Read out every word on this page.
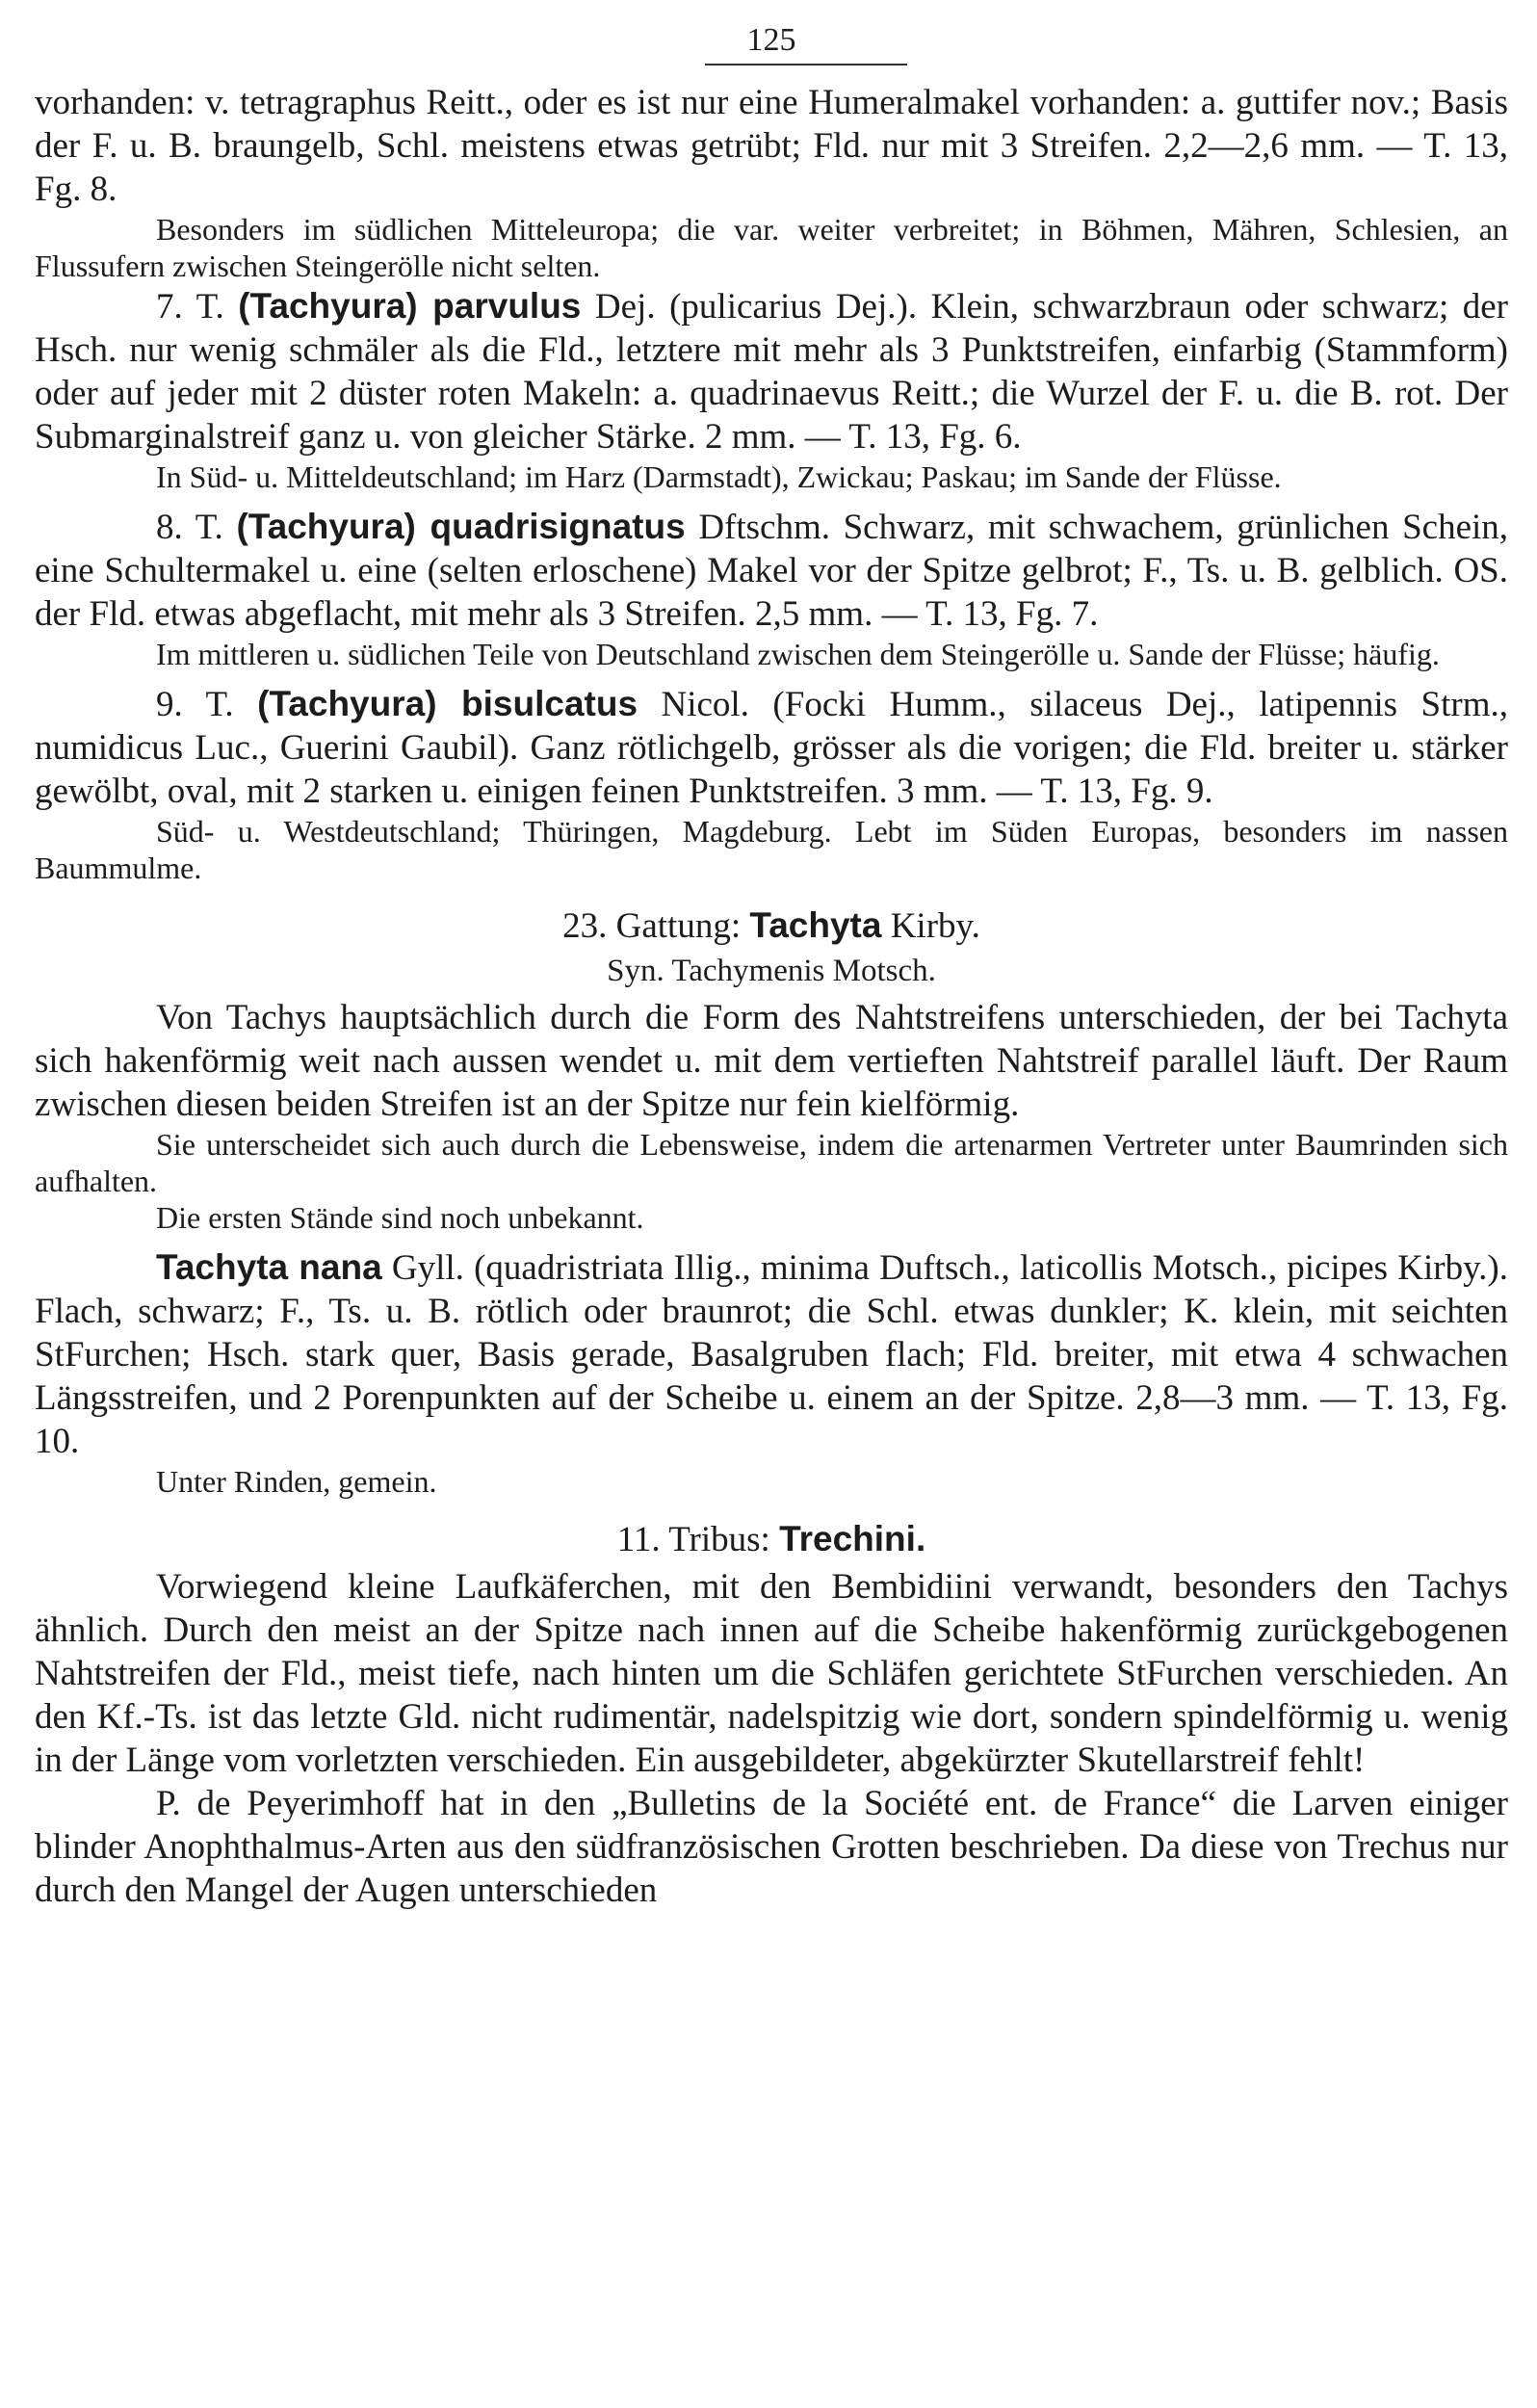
125

vorhanden: v. tetragraphus Reitt., oder es ist nur eine Humeralmakel vorhanden: a. guttifer nov.; Basis der F. u. B. braungelb, Schl. meistens etwas getrübt; Fld. nur mit 3 Streifen. 2,2—2,6 mm. — T. 13, Fg. 8.

Besonders im südlichen Mitteleuropa; die var. weiter verbreitet; in Böhmen, Mähren, Schlesien, an Flussufern zwischen Steingerölle nicht selten.

7. T. (Tachyura) parvulus Dej. (pulicarius Dej.). Klein, schwarzbraun oder schwarz; der Hsch. nur wenig schmäler als die Fld., letztere mit mehr als 3 Punktstreifen, einfarbig (Stammform) oder auf jeder mit 2 düster roten Makeln: a. quadrinaevus Reitt.; die Wurzel der F. u. die B. rot. Der Submarginalstreif ganz u. von gleicher Stärke. 2 mm. — T. 13, Fg. 6.

In Süd- u. Mitteldeutschland; im Harz (Darmstadt), Zwickau; Paskau; im Sande der Flüsse.

8. T. (Tachyura) quadrisignatus Dftschm. Schwarz, mit schwachem, grünlichen Schein, eine Schultermakel u. eine (selten erloschene) Makel vor der Spitze gelbrot; F., Ts. u. B. gelblich. OS. der Fld. etwas abgeflacht, mit mehr als 3 Streifen. 2,5 mm. — T. 13, Fg. 7.

Im mittleren u. südlichen Teile von Deutschland zwischen dem Steingerölle u. Sande der Flüsse; häufig.

9. T. (Tachyura) bisulcatus Nicol. (Focki Humm., silaceus Dej., latipennis Strm., numidicus Luc., Guerini Gaubil). Ganz rötlichgelb, grösser als die vorigen; die Fld. breiter u. stärker gewölbt, oval, mit 2 starken u. einigen feinen Punktstreifen. 3 mm. — T. 13, Fg. 9.

Süd- u. Westdeutschland; Thüringen, Magdeburg. Lebt im Süden Europas, besonders im nassen Baummulme.

23. Gattung: Tachyta Kirby.

Syn. Tachymenis Motsch.

Von Tachys hauptsächlich durch die Form des Nahtstreifens unterschieden, der bei Tachyta sich hakenförmig weit nach aussen wendet u. mit dem vertieften Nahtstreif parallel läuft. Der Raum zwischen diesen beiden Streifen ist an der Spitze nur fein kielförmig.

Sie unterscheidet sich auch durch die Lebensweise, indem die artenarmen Vertreter unter Baumrinden sich aufhalten.

Die ersten Stände sind noch unbekannt.

Tachyta nana Gyll. (quadristriata Illig., minima Duftsch., laticollis Motsch., picipes Kirby.). Flach, schwarz; F., Ts. u. B. rötlich oder braunrot; die Schl. etwas dunkler; K. klein, mit seichten StFurchen; Hsch. stark quer, Basis gerade, Basalgruben flach; Fld. breiter, mit etwa 4 schwachen Längsstreifen, und 2 Porenpunkten auf der Scheibe u. einem an der Spitze. 2,8—3 mm. — T. 13, Fg. 10.

Unter Rinden, gemein.

11. Tribus: Trechini.

Vorwiegend kleine Laufkäferchen, mit den Bembidiini verwandt, besonders den Tachys ähnlich. Durch den meist an der Spitze nach innen auf die Scheibe hakenförmig zurückgebogenen Nahtstreifen der Fld., meist tiefe, nach hinten um die Schläfen gerichtete StFurchen verschieden. An den Kf.-Ts. ist das letzte Gld. nicht rudimentär, nadelspitzig wie dort, sondern spindelförmig u. wenig in der Länge vom vorletzten verschieden. Ein ausgebildeter, abgekürzter Skutellarstreif fehlt!

P. de Peyerimhoff hat in den „Bulletins de la Société ent. de France“ die Larven einiger blinder Anophthalmus-Arten aus den südfranzösischen Grotten beschrieben. Da diese von Trechus nur durch den Mangel der Augen unterschieden
